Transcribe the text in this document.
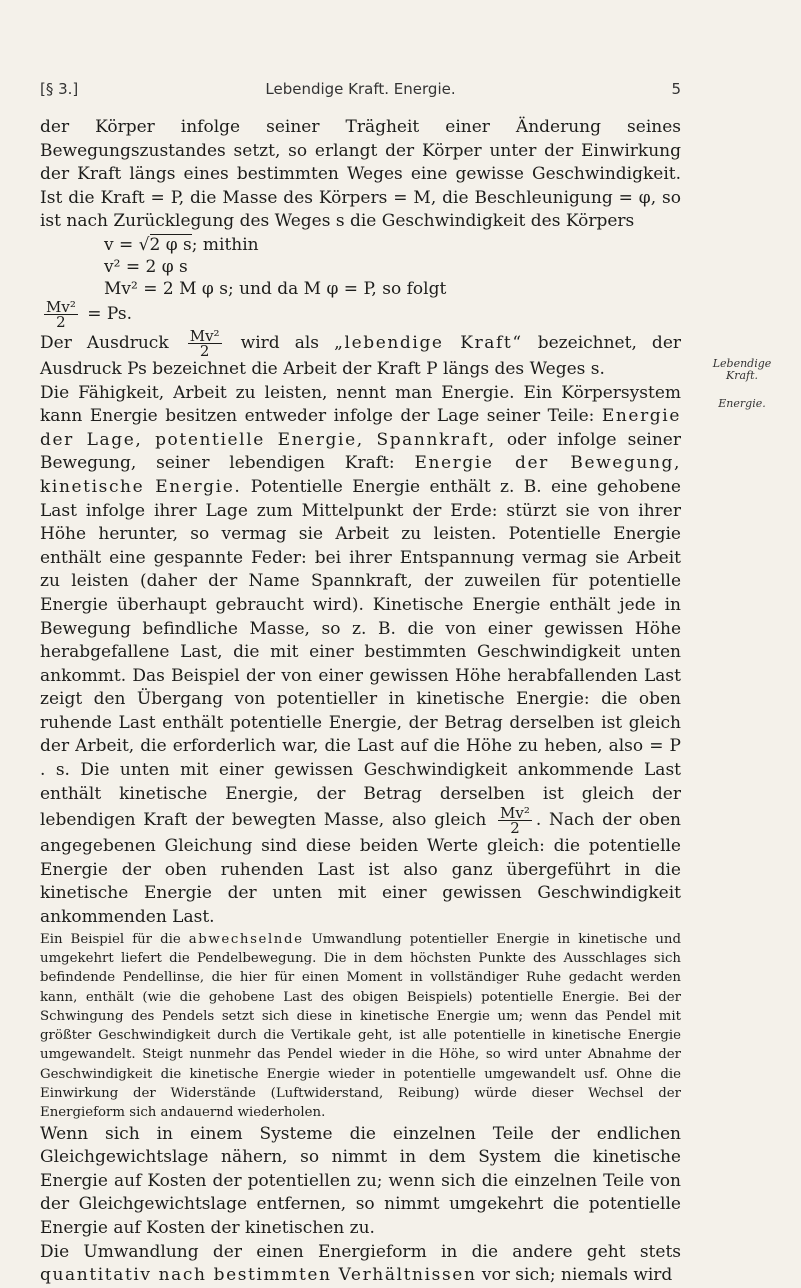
[§ 3.]	Lebendige Kraft. Energie.	5
Lebendige Kraft.
Energie.

der Körper infolge seiner Trägheit einer Änderung seines Bewegungszustandes setzt, so erlangt der Körper unter der Einwirkung der Kraft längs eines bestimmten Weges eine gewisse Geschwindigkeit. Ist die Kraft = P, die Masse des Körpers = M, die Beschleunigung = φ, so ist nach Zurücklegung des Weges s die Geschwindigkeit des Körpers

v = √2 φ s; mithin

v² = 2 φ s

Mv² = 2 M φ s; und da M φ = P, so folgt

$\frac{\text{Mv²}}{2} = Ps$.

Der Ausdruck $\frac{\text{Mv²}}{2}$ wird als „lebendige Kraft“ bezeichnet, der Ausdruck Ps bezeichnet die Arbeit der Kraft P längs des Weges s.

Die Fähigkeit, Arbeit zu leisten, nennt man Energie. Ein Körpersystem kann Energie besitzen entweder infolge der Lage seiner Teile: Energie der Lage, potentielle Energie, Spannkraft, oder infolge seiner Bewegung, seiner lebendigen Kraft: Energie der Bewegung, kinetische Energie. Potentielle Energie enthält z. B. eine gehobene Last infolge ihrer Lage zum Mittelpunkt der Erde: stürzt sie von ihrer Höhe herunter, so vermag sie Arbeit zu leisten. Potentielle Energie enthält eine gespannte Feder: bei ihrer Entspannung vermag sie Arbeit zu leisten (daher der Name Spannkraft, der zuweilen für potentielle Energie überhaupt gebraucht wird). Kinetische Energie enthält jede in Bewegung befindliche Masse, so z. B. die von einer gewissen Höhe herabgefallene Last, die mit einer bestimmten Geschwindigkeit unten ankommt. Das Beispiel der von einer gewissen Höhe herabfallenden Last zeigt den Übergang von potentieller in kinetische Energie: die oben ruhende Last enthält potentielle Energie, der Betrag derselben ist gleich der Arbeit, die erforderlich war, die Last auf die Höhe zu heben, also = P . s. Die unten mit einer gewissen Geschwindigkeit ankommende Last enthält kinetische Energie, der Betrag derselben ist gleich der lebendigen Kraft der bewegten Masse, also gleich $\frac{\text{Mv²}}{2}$ . Nach der oben angegebenen Gleichung sind diese beiden Werte gleich: die potentielle Energie der oben ruhenden Last ist also ganz übergeführt in die kinetische Energie der unten mit einer gewissen Geschwindigkeit ankommenden Last.

Ein Beispiel für die abwechselnde Umwandlung potentieller Energie in kinetische und umgekehrt liefert die Pendelbewegung. Die in dem höchsten Punkte des Ausschlages sich befindende Pendellinse, die hier für einen Moment in vollständiger Ruhe gedacht werden kann, enthält (wie die gehobene Last des obigen Beispiels) potentielle Energie. Bei der Schwingung des Pendels setzt sich diese in kinetische Energie um; wenn das Pendel mit größter Geschwindigkeit durch die Vertikale geht, ist alle potentielle in kinetische Energie umgewandelt. Steigt nunmehr das Pendel wieder in die Höhe, so wird unter Abnahme der Geschwindigkeit die kinetische Energie wieder in potentielle umgewandelt usf. Ohne die Einwirkung der Widerstände (Luftwiderstand, Reibung) würde dieser Wechsel der Energieform sich andauernd wiederholen.

Wenn sich in einem Systeme die einzelnen Teile der endlichen Gleichgewichtslage nähern, so nimmt in dem System die kinetische Energie auf Kosten der potentiellen zu; wenn sich die einzelnen Teile von der Gleichgewichtslage entfernen, so nimmt umgekehrt die potentielle Energie auf Kosten der kinetischen zu.

Die Umwandlung der einen Energieform in die andere geht stets quantitativ nach bestimmten Verhältnissen vor sich; niemals wird
